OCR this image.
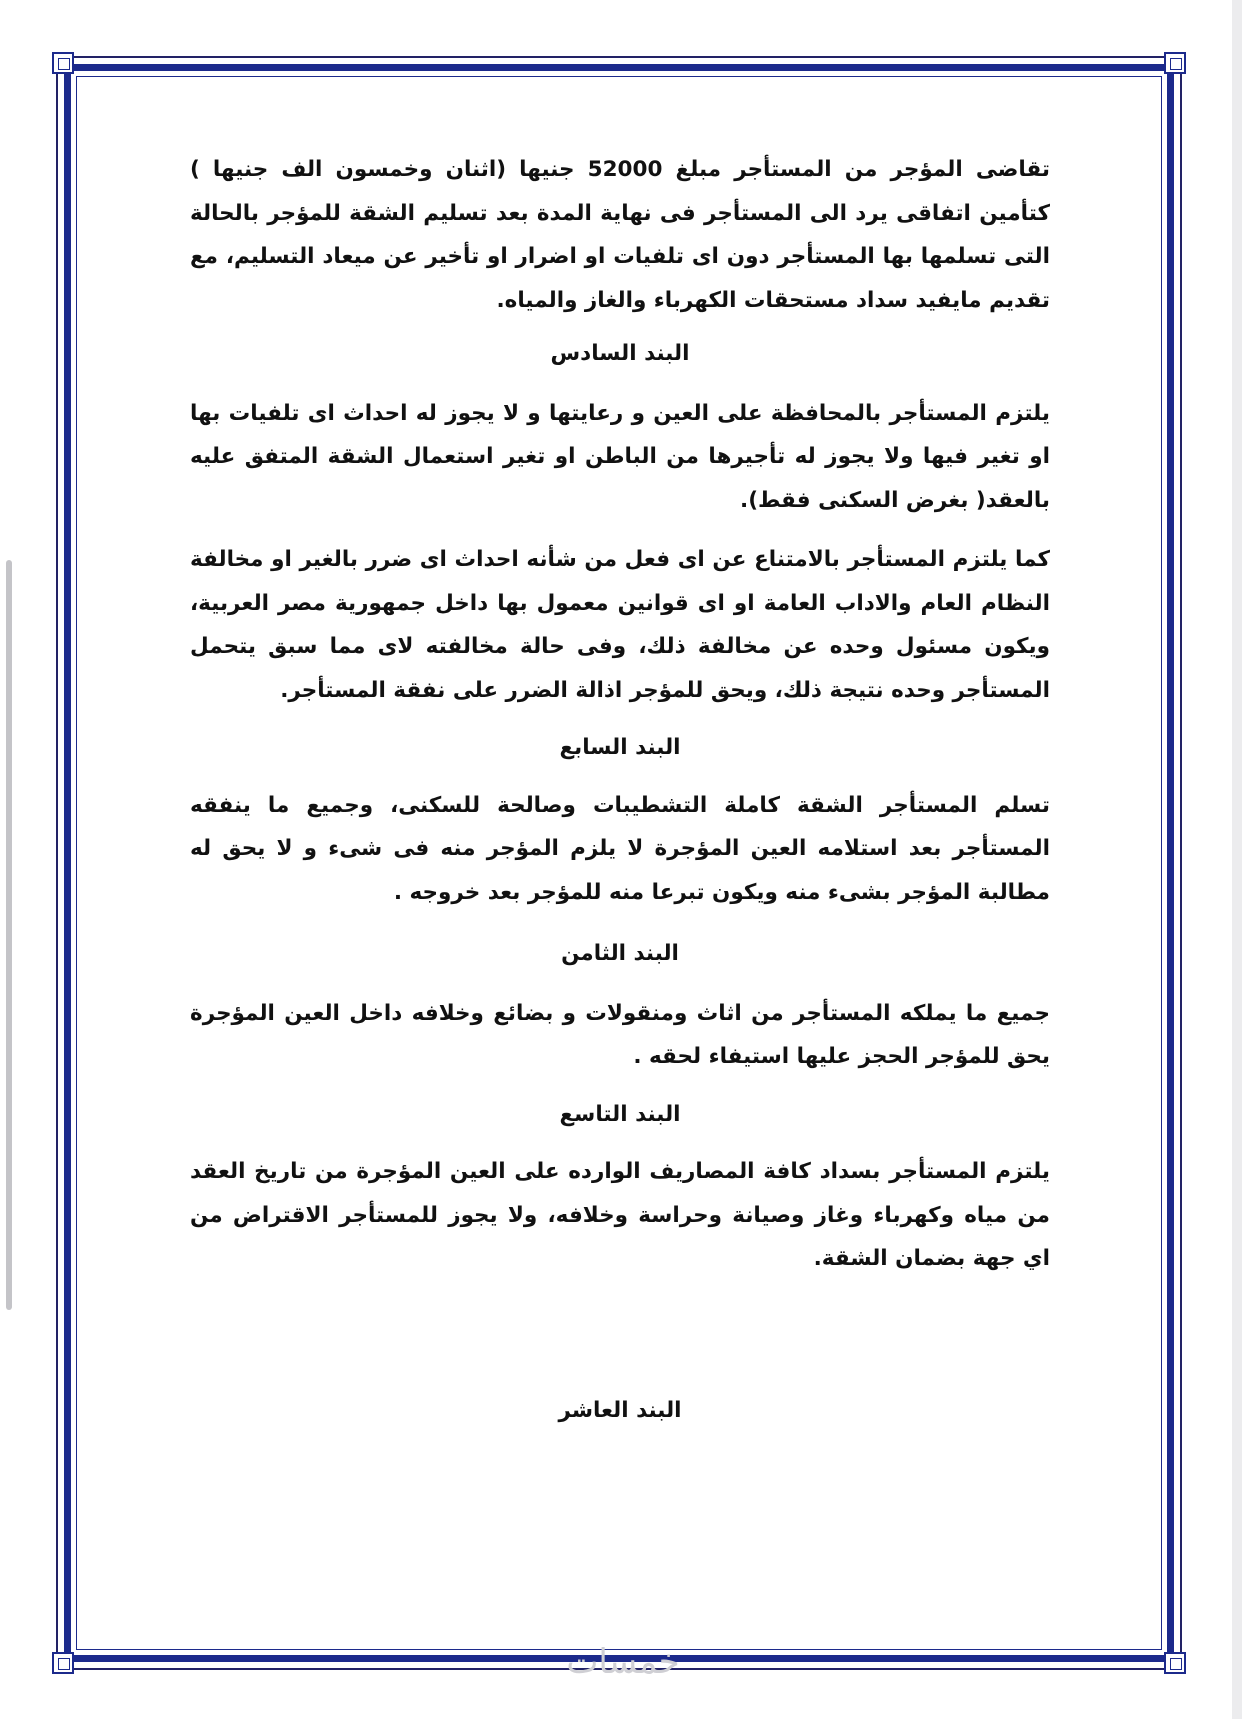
تقاضى المؤجر من المستأجر مبلغ 52000 جنيها (اثنان وخمسون الف جنيها ) كتأمين اتفاقى يرد الى المستأجر فى نهاية المدة بعد تسليم الشقة للمؤجر بالحالة التى تسلمها بها المستأجر دون اى تلفيات او اضرار او تأخير عن ميعاد التسليم، مع تقديم مايفيد سداد مستحقات الكهرباء والغاز والمياه.

البند السادس

يلتزم المستأجر بالمحافظة على العين و رعايتها و لا يجوز له احداث اى تلفيات بها او تغير فيها ولا يجوز له تأجيرها من الباطن او تغير استعمال الشقة المتفق عليه بالعقد( بغرض السكنى فقط).

كما يلتزم المستأجر بالامتناع عن اى فعل من شأنه احداث اى ضرر بالغير او مخالفة النظام العام والاداب العامة او اى قوانين معمول بها داخل جمهورية مصر العربية، ويكون مسئول وحده عن مخالفة ذلك، وفى حالة مخالفته لاى مما سبق يتحمل المستأجر وحده نتيجة ذلك، ويحق للمؤجر اذالة الضرر على نفقة المستأجر.

البند السابع

تسلم المستأجر الشقة كاملة التشطيبات وصالحة للسكنى، وجميع ما ينفقه المستأجر بعد استلامه العين المؤجرة لا يلزم المؤجر منه فى شىء و لا يحق له مطالبة المؤجر بشىء منه ويكون تبرعا منه للمؤجر بعد خروجه .

البند الثامن

جميع ما يملكه المستأجر من اثاث ومنقولات و بضائع وخلافه داخل العين المؤجرة يحق للمؤجر الحجز عليها استيفاء لحقه .

البند التاسع

يلتزم المستأجر بسداد كافة المصاريف الوارده على العين المؤجرة من تاريخ العقد من مياه وكهرباء وغاز وصيانة وحراسة وخلافه، ولا يجوز للمستأجر الاقتراض من اي جهة بضمان الشقة.

البند العاشر

خمسات
